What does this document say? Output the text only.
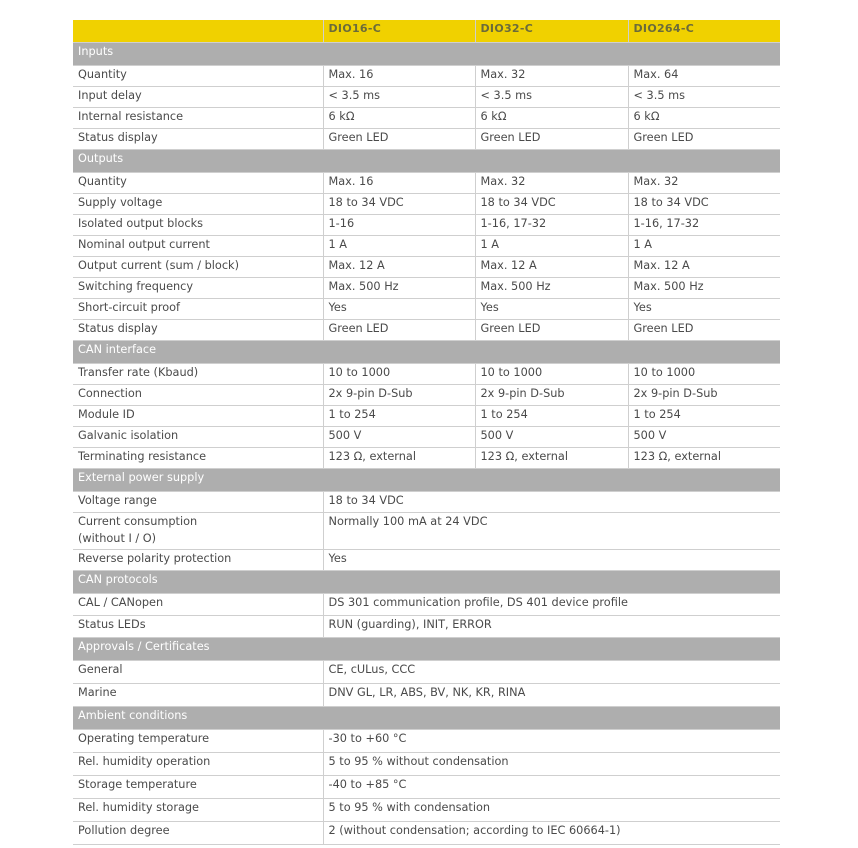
	DIO16-C	DIO32-C	DIO264-C
Inputs			
Quantity	Max. 16	Max. 32	Max. 64
Input delay	< 3.5 ms	< 3.5 ms	< 3.5 ms
Internal resistance	6 kΩ	6 kΩ	6 kΩ
Status display	Green LED	Green LED	Green LED
Outputs			
Quantity	Max. 16	Max. 32	Max. 32
Supply voltage	18 to 34 VDC	18 to 34 VDC	18 to 34 VDC
Isolated output blocks	1-16	1-16, 17-32	1-16, 17-32
Nominal output current	1 A	1 A	1 A
Output current (sum / block)	Max. 12 A	Max. 12 A	Max. 12 A
Switching frequency	Max. 500 Hz	Max. 500 Hz	Max. 500 Hz
Short-circuit proof	Yes	Yes	Yes
Status display	Green LED	Green LED	Green LED
CAN interface			
Transfer rate (Kbaud)	10 to 1000	10 to 1000	10 to 1000
Connection	2x 9-pin D-Sub	2x 9-pin D-Sub	2x 9-pin D-Sub
Module ID	1 to 254	1 to 254	1 to 254
Galvanic isolation	500 V	500 V	500 V
Terminating resistance	123 Ω, external	123 Ω, external	123 Ω, external
External power supply			
Voltage range	18 to 34 VDC		

Current consumption
(without I / O)	Normally 100 mA at 24 VDC		
Reverse polarity protection	Yes		
CAN protocols			
CAL / CANopen	DS 301 communication profile, DS 401 device profile		
Status LEDs	RUN (guarding), INIT, ERROR		
Approvals / Certificates			
General	CE, cULus, CCC		
Marine	DNV GL, LR, ABS, BV, NK, KR, RINA		
Ambient conditions			
Operating temperature	-30 to +60 °C		
Rel. humidity operation	5 to 95 % without condensation		
Storage temperature	-40 to +85 °C		
Rel. humidity storage	5 to 95 % with condensation		
Pollution degree	2 (without condensation; according to IEC 60664-1)		
